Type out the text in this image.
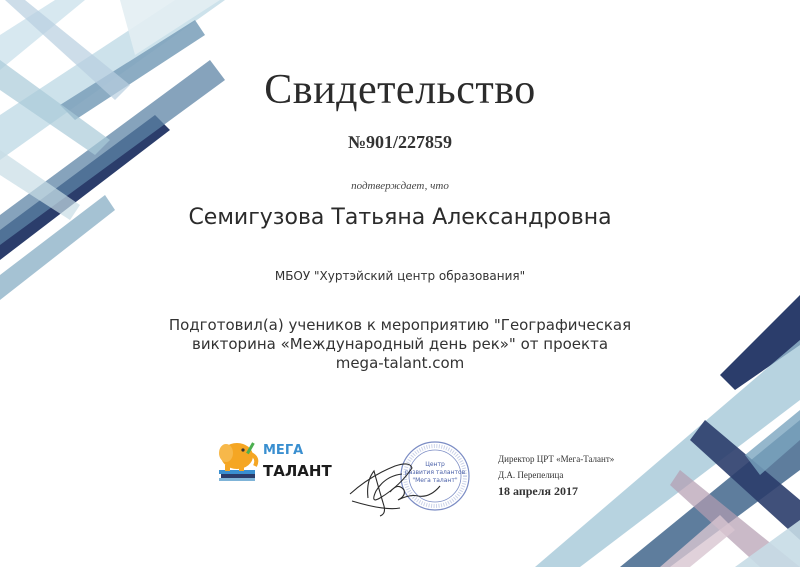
Свидетельство
№901/227859
подтверждает, что
Семигузова Татьяна Александровна
МБОУ "Хуртэйский центр образования"
Подготовил(а) учеников к мероприятию "Географическая
викторина «Международный день рек»" от проекта
mega-talant.com
МЕГА
ТАЛАНТ	Центр
развития талантов
"Мега талант"
Директор ЦРТ «Мега-Талант»
Д.А. Перепелица
18 апреля 2017
